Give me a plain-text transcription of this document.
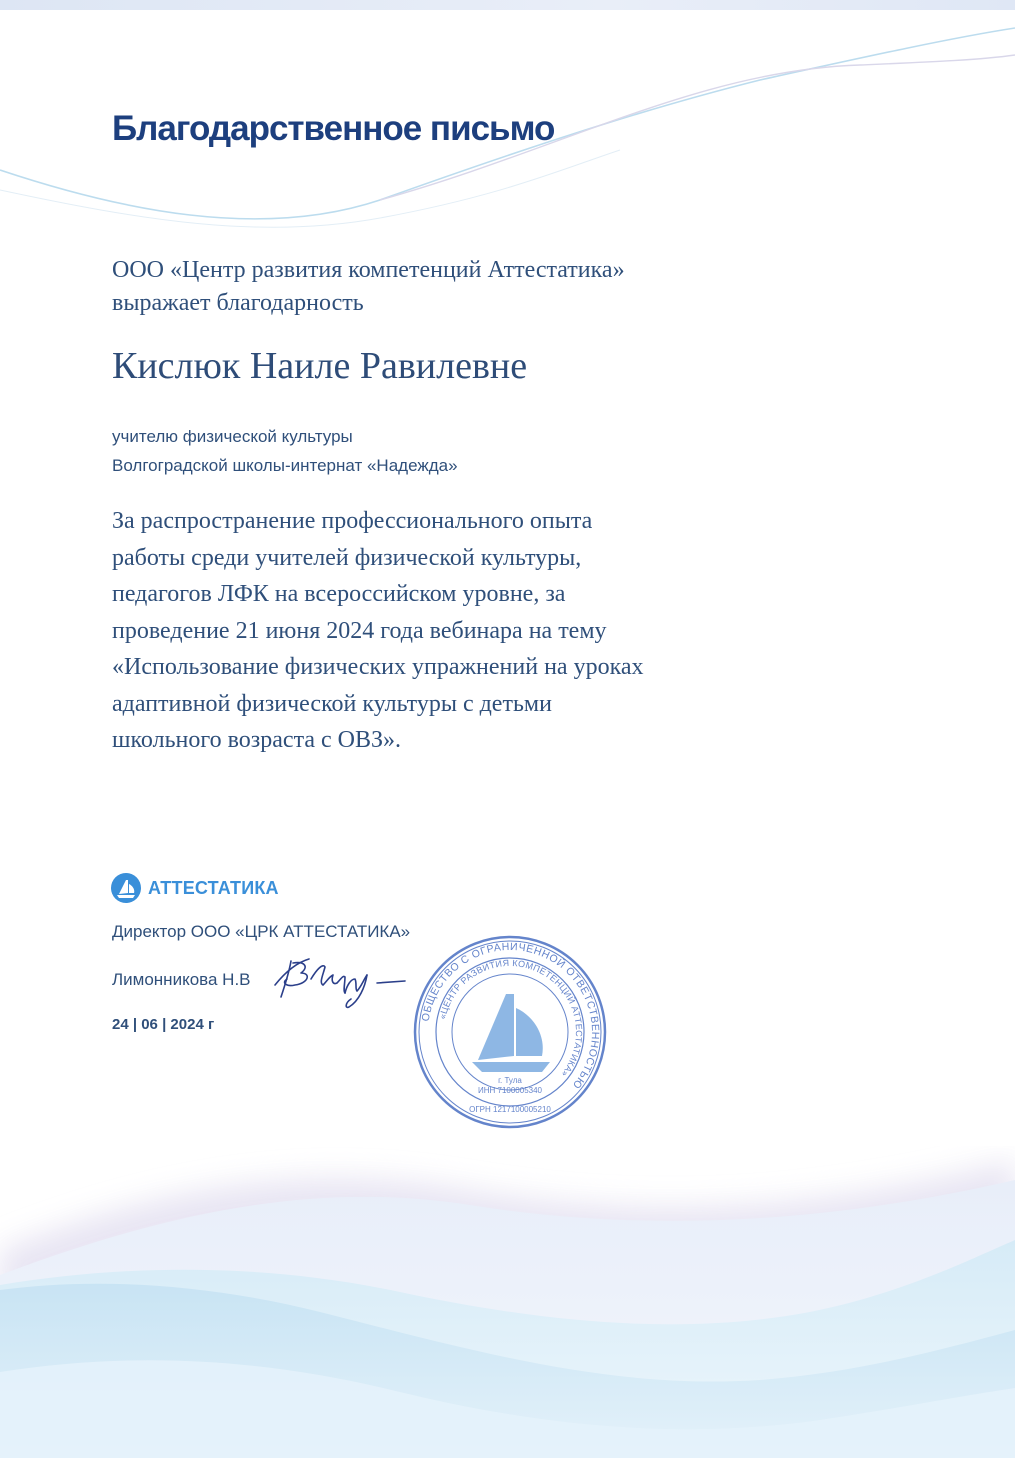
Благодарственное письмо
ООО «Центр развития компетенций Аттестатика»
выражает благодарность
Кислюк Наиле Равилевне
учителю физической культуры
Волгоградской школы-интернат «Надежда»
За распространение профессионального опыта
работы среди учителей физической культуры,
педагогов ЛФК на всероссийском уровне, за
проведение 21 июня 2024 года вебинара на тему
«Использование физических упражнений на уроках
адаптивной физической культуры с детьми
школьного возраста с ОВЗ».
АТТЕСТАТИКА
Директор ООО «ЦРК АТТЕСТАТИКА»
Лимонникова Н.В
24 | 06 | 2024 г	ОБЩЕСТВО С ОГРАНИЧЕННОЙ ОТВЕТСТВЕННОСТЬЮ
«ЦЕНТР РАЗВИТИЯ КОМПЕТЕНЦИЙ АТТЕСТАТИКА»
г. Тула
ИНН 7100005340
ОГРН 1217100005210
